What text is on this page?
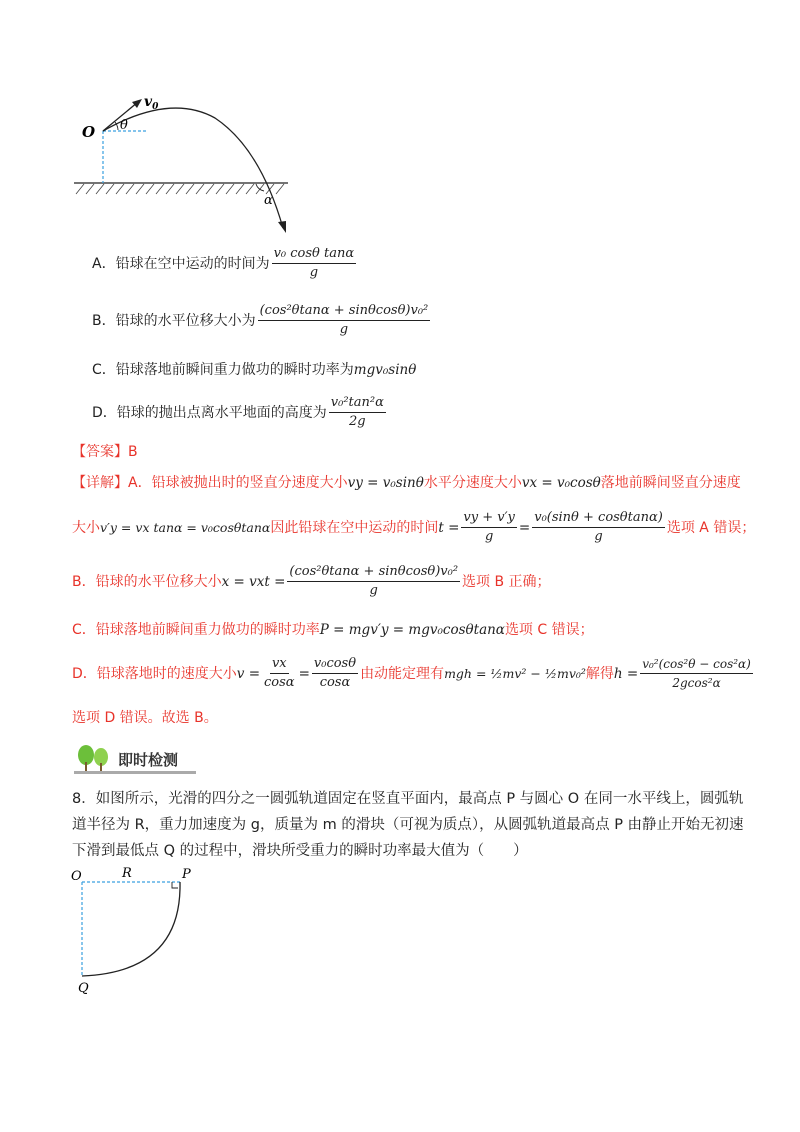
$v_0$
θ
O
α
A．铅球在空中运动的时间为 $\frac{\text{v₀ cosθ tanα}}{g}$
B．铅球的水平位移大小为 $\frac{\text{(cos²θtanα + sinθcosθ)v₀²}}{g}$
C．铅球落地前瞬间重力做功的瞬时功率为mgv₀sinθ
D．铅球的抛出点离水平地面的高度为 $\frac{\text{v₀²tan²α}}{2g}$
【答案】B
【详解】A．铅球被抛出时的竖直分速度大小vy = v₀sinθ水平分速度大小vx = v₀cosθ落地前瞬间竖直分速度
大小 v′y = vx tanα = v₀cosθtanα 因此铅球在空中运动的时间 $t = \frac{vy + v'y}{g} = \frac{\text{v₀(sinθ + cosθtanα)}}{g}$ 选项 A 错误；
B．铅球的水平位移大小 x = vxt = $\frac{\text{(cos²θtanα + sinθcosθ)v₀²}}{g}$ 选项 B 正确；
C．铅球落地前瞬间重力做功的瞬时功率P = mgv′y = mgv₀cosθtanα选项 C 错误；
D．铅球落地时的速度大小 $v = \frac{vx}{\cos\alpha} = \frac{\text{v₀cosθ}}{\cos\alpha}$ 由动能定理有 mgh = ½mv² − ½mv₀² 解得 $h = \frac{\text{v₀²(cos²θ − cos²α)}}{\text{2gcos²α}}$
选项 D 错误。故选 B。
即时检测
8．如图所示，光滑的四分之一圆弧轨道固定在竖直平面内，最高点 P 与圆心 O 在同一水平线上，圆弧轨
道半径为 R，重力加速度为 g，质量为 m 的滑块（可视为质点），从圆弧轨道最高点 P 由静止开始无初速
下滑到最低点 Q 的过程中，滑块所受重力的瞬时功率最大值为（　　）
O	R	P
Q
